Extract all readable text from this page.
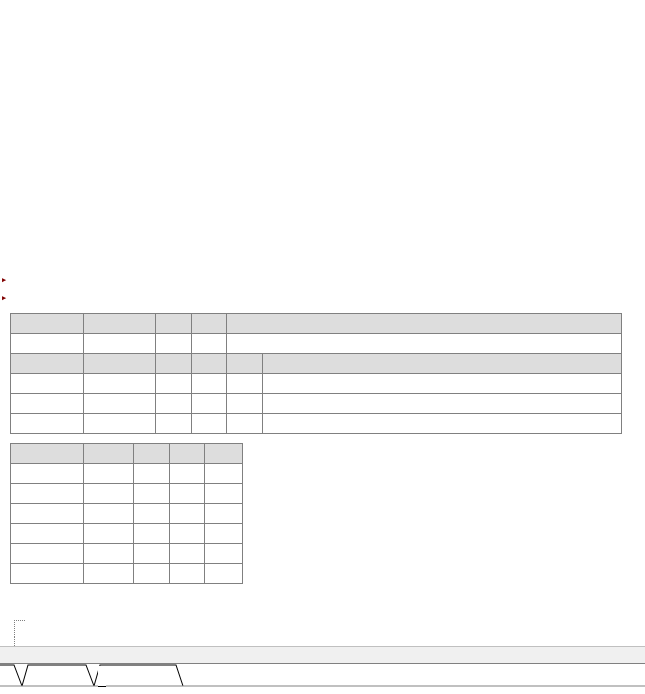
▶
▶
